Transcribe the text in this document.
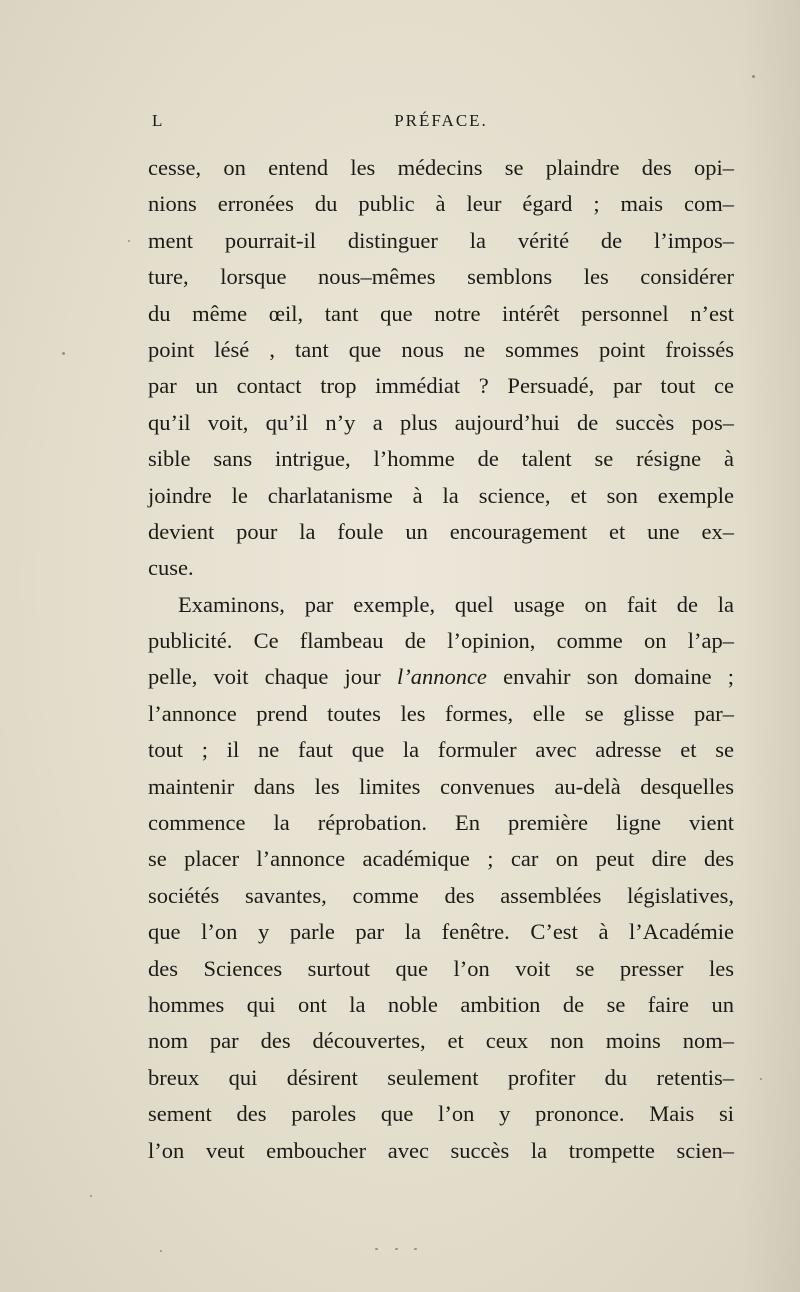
L	PRÉFACE.
cesse, on entend les médecins se plaindre des opi–
nions erronées du public à leur égard ; mais com–
ment pourrait-il distinguer la vérité de l’impos–
ture, lorsque nous–mêmes semblons les considérer
du même œil, tant que notre intérêt personnel n’est
point lésé , tant que nous ne sommes point froissés
par un contact trop immédiat ? Persuadé, par tout ce
qu’il voit, qu’il n’y a plus aujourd’hui de succès pos–
sible sans intrigue, l’homme de talent se résigne à
joindre le charlatanisme à la science, et son exemple
devient pour la foule un encouragement et une ex–
cuse.
Examinons, par exemple, quel usage on fait de la
publicité. Ce flambeau de l’opinion, comme on l’ap–
pelle, voit chaque jour l’annonce envahir son domaine ;
l’annonce prend toutes les formes, elle se glisse par–
tout ; il ne faut que la formuler avec adresse et se
maintenir dans les limites convenues au-delà desquelles
commence la réprobation. En première ligne vient
se placer l’annonce académique ; car on peut dire des
sociétés savantes, comme des assemblées législatives,
que l’on y parle par la fenêtre. C’est à l’Académie
des Sciences surtout que l’on voit se presser les
hommes qui ont la noble ambition de se faire un
nom par des découvertes, et ceux non moins nom–
breux qui désirent seulement profiter du retentis–
sement des paroles que l’on y prononce. Mais si
l’on veut emboucher avec succès la trompette scien–
